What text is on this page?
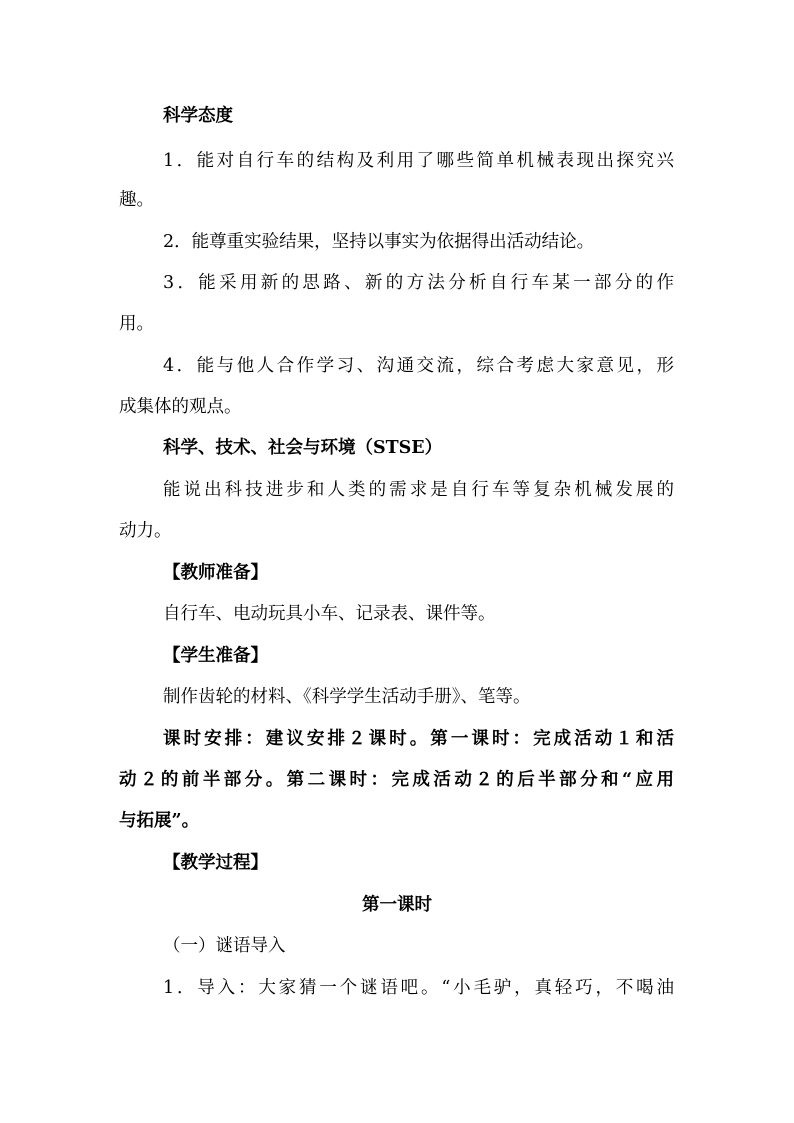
科学态度
1．能对自行车的结构及利用了哪些简单机械表现出探究兴
趣。
2．能尊重实验结果，坚持以事实为依据得出活动结论。
3．能采用新的思路、新的方法分析自行车某一部分的作
用。
4．能与他人合作学习、沟通交流，综合考虑大家意见，形
成集体的观点。
科学、技术、社会与环境（STSE）
能说出科技进步和人类的需求是自行车等复杂机械发展的
动力。
【教师准备】
自行车、电动玩具小车、记录表、课件等。
【学生准备】
制作齿轮的材料、《科学学生活动手册》、笔等。
课时安排：建议安排２课时。第一课时：完成活动１和活
动２的前半部分。第二课时：完成活动２的后半部分和“应用
与拓展”。
【教学过程】
第一课时
（一）谜语导入
1．导入：大家猜一个谜语吧。“小毛驴，真轻巧，不喝油
